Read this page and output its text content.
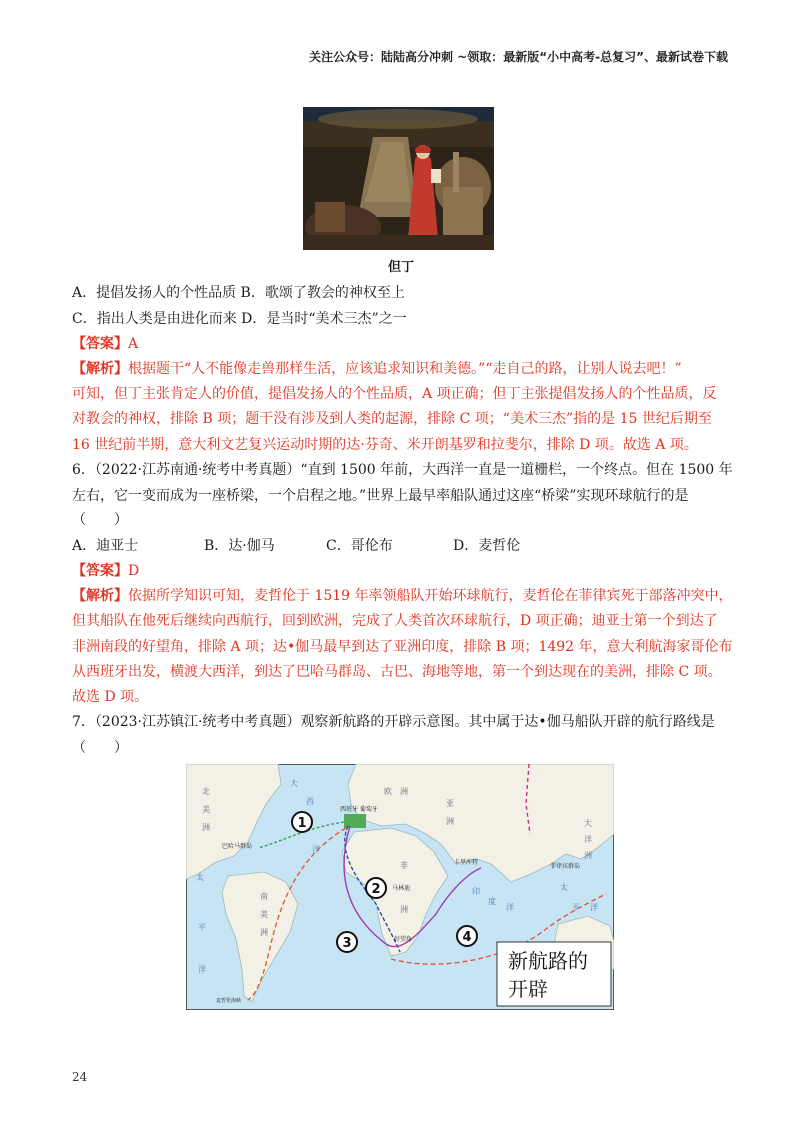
关注公众号：陆陆高分冲刺 ~领取：最新版“小中高考-总复习”、最新试卷下载
但丁
A．提倡发扬人的个性品质 B．歌颂了教会的神权至上
C．指出人类是由进化而来 D．是当时“美术三杰”之一
【答案】A
【解析】根据题干“人不能像走兽那样生活，应该追求知识和美德。”“走自己的路，让别人说去吧！”
可知，但丁主张肯定人的价值，提倡发扬人的个性品质，A 项正确；但丁主张提倡发扬人的个性品质，反
对教会的神权，排除 B 项；题干没有涉及到人类的起源，排除 C 项；“美术三杰”指的是 15 世纪后期至
16 世纪前半期，意大利文艺复兴运动时期的达·芬奇、米开朗基罗和拉斐尔，排除 D 项。故选 A 项。
6．（2022·江苏南通·统考中考真题）“直到 1500 年前，大西洋一直是一道栅栏，一个终点。但在 1500 年
左右，它一变而成为一座桥梁，一个启程之地。”世界上最早率船队通过这座“桥梁”实现环球航行的是
（　　）
A．迪亚士	B．达·伽马	C．哥伦布	D．麦哲伦
【答案】D
【解析】依据所学知识可知，麦哲伦于 1519 年率领船队开始环球航行，麦哲伦在菲律宾死于部落冲突中，
但其船队在他死后继续向西航行，回到欧洲，完成了人类首次环球航行，D 项正确；迪亚士第一个到达了
非洲南段的好望角，排除 A 项；达•伽马最早到达了亚洲印度，排除 B 项；1492 年，意大利航海家哥伦布
从西班牙出发，横渡大西洋，到达了巴哈马群岛、古巴、海地等地，第一个到达现在的美洲，排除 C 项。
故选 D 项。
7．（2023·江苏镇江·统考中考真题）观察新航路的开辟示意图。其中属于达•伽马船队开辟的航行路线是
（　　）
1
2
3	4
西班牙 葡萄牙
巴哈马群岛
卡里库特
马林迪
好望角
菲律宾群岛
麦哲伦海峡
北
美
洲
南
美
洲
欧　洲
亚
洲
非
洲
大
洋
洲
大
西
洋
太
平
洋
太
平 洋
印
度
洋
新航路的
开辟
24
